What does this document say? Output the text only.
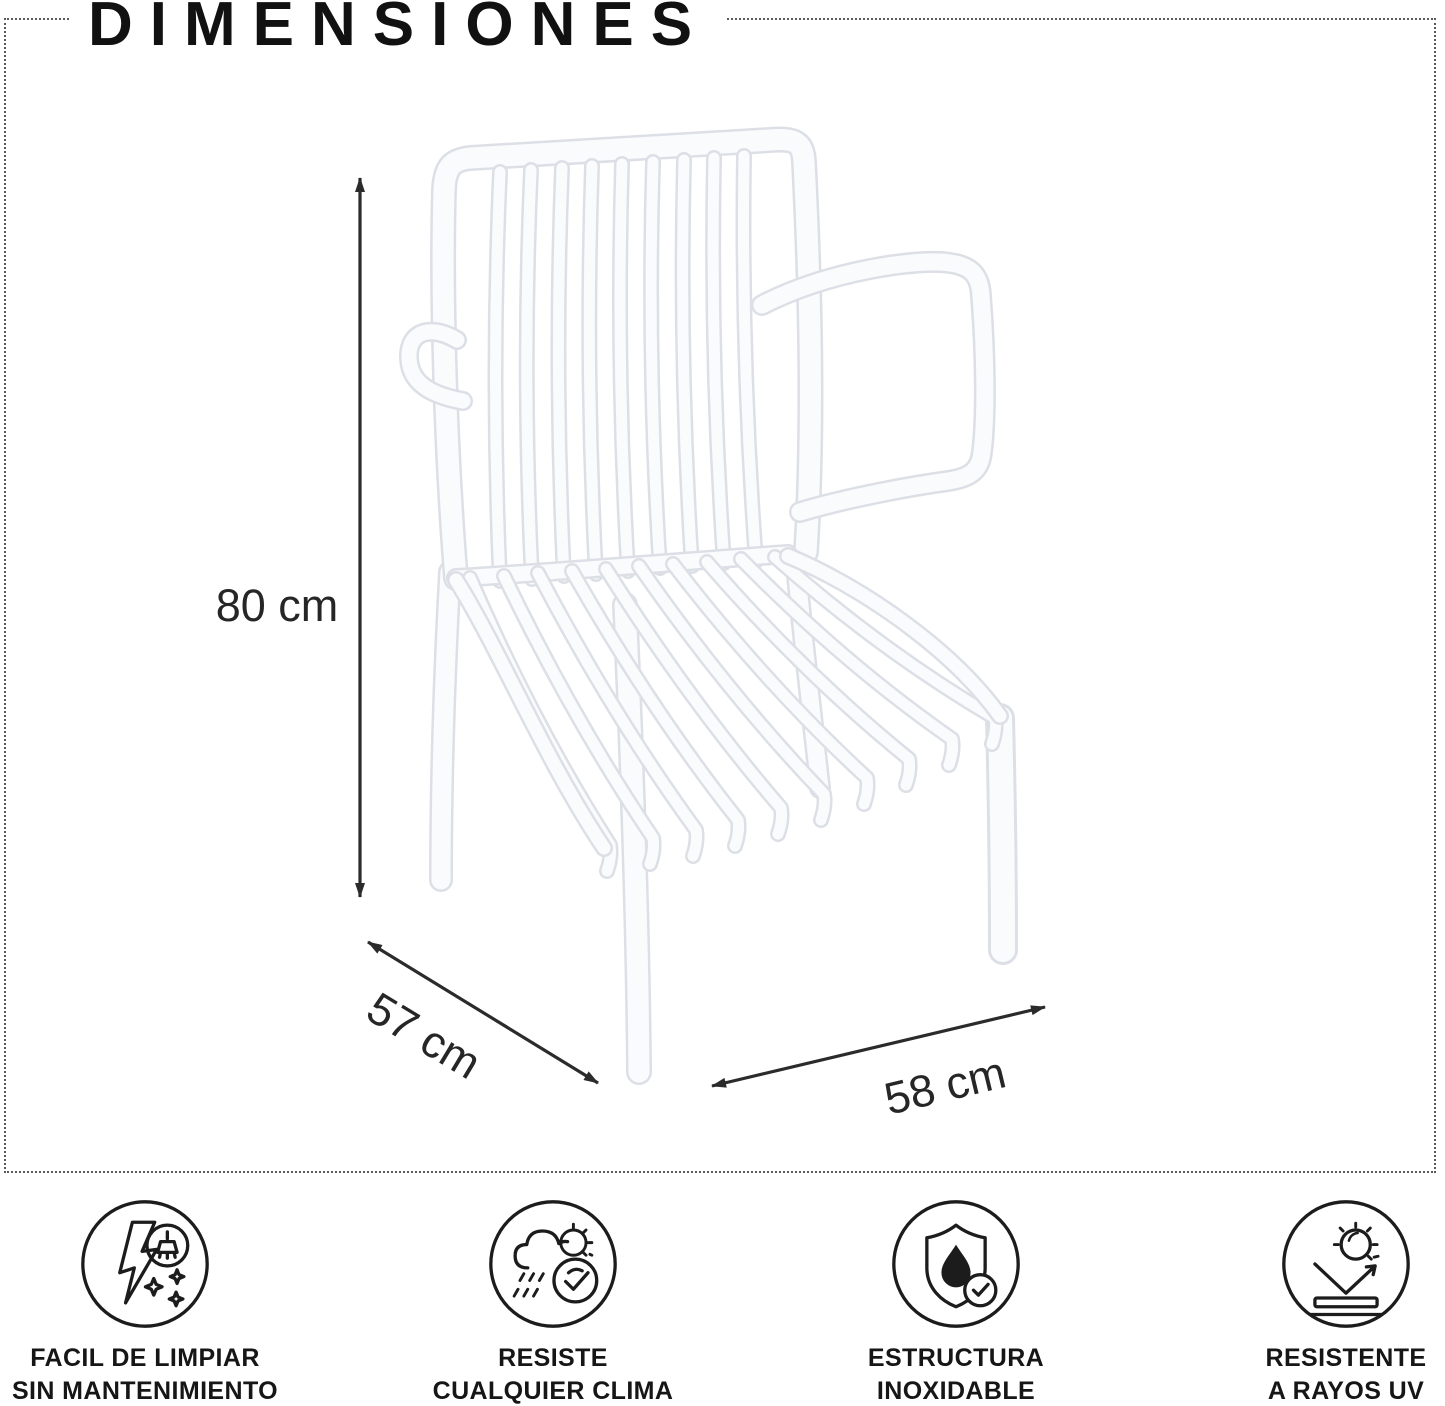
DIMENSIONES
80 cm
57 cm	58 cm
FACIL DE LIMPIAR
SIN MANTENIMIENTO
RESISTE
CUALQUIER CLIMA
ESTRUCTURA
INOXIDABLE
RESISTENTE
A RAYOS UV
